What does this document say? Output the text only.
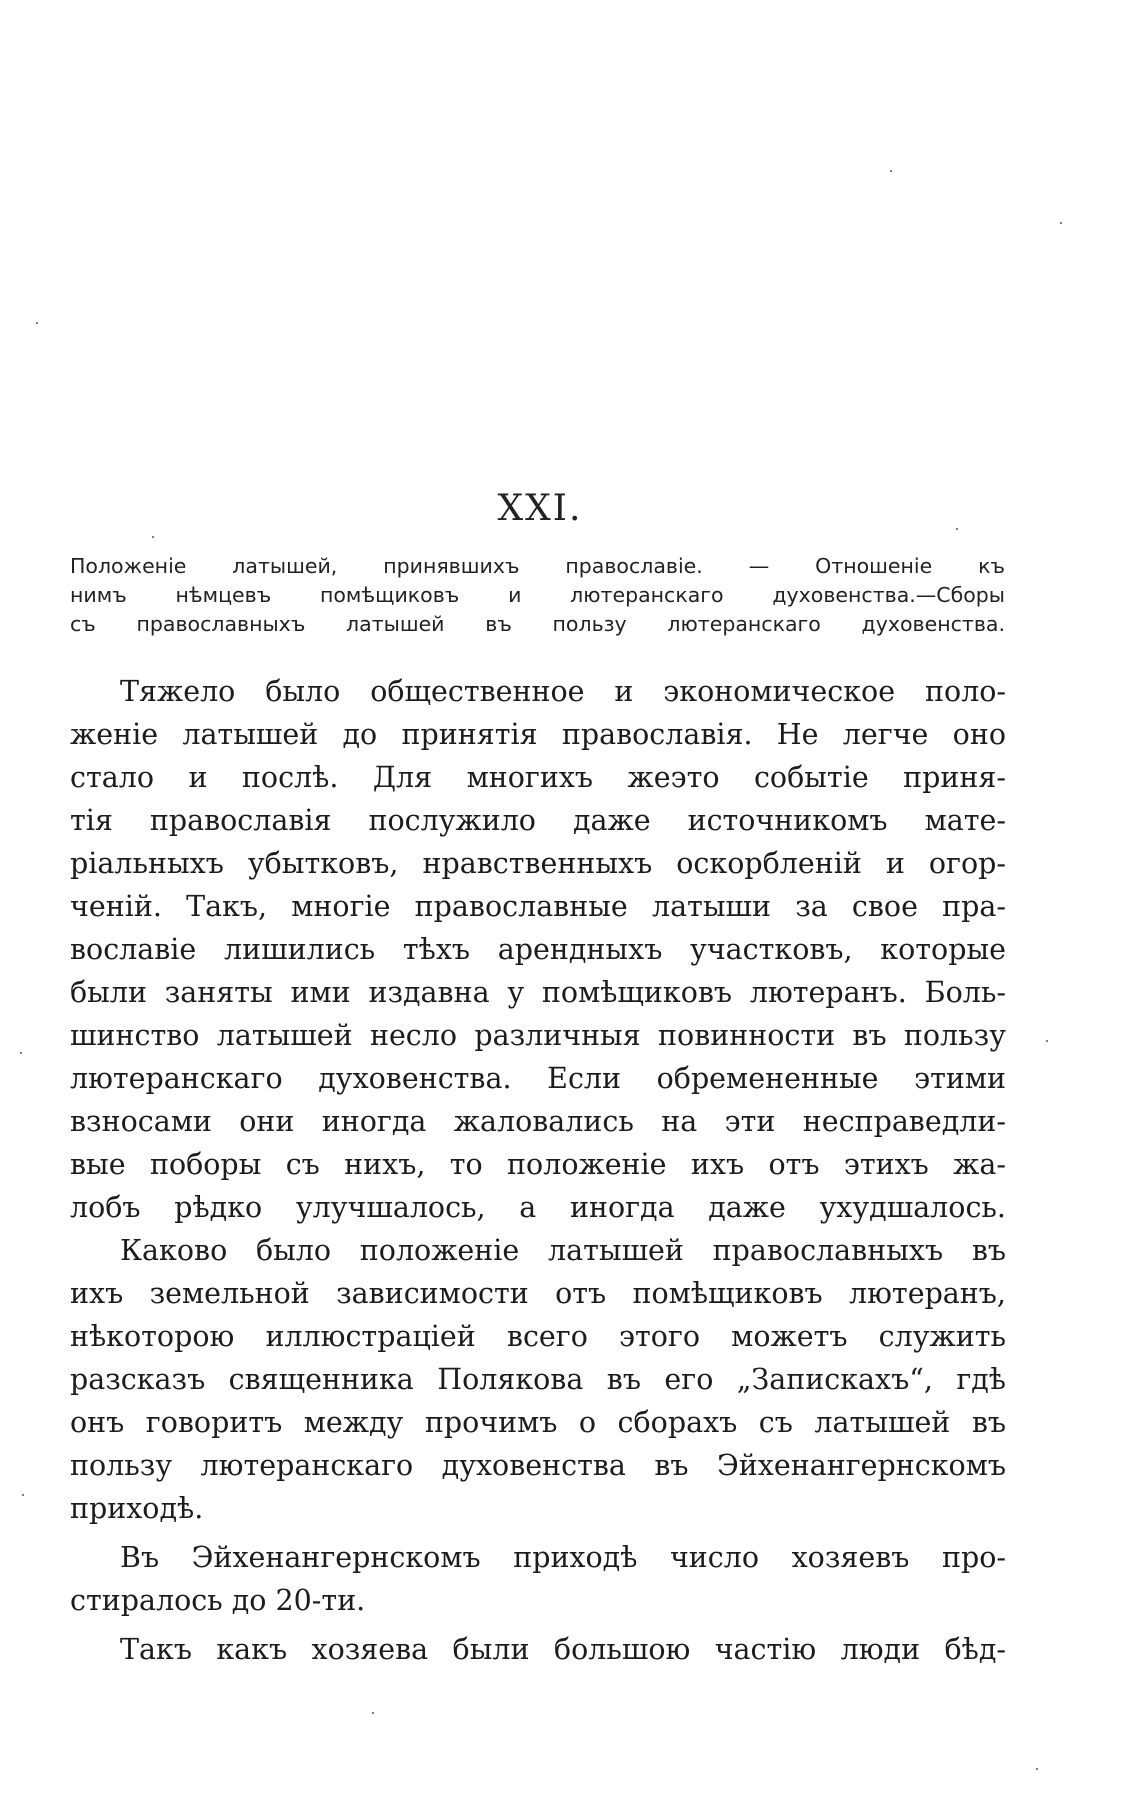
XXI.
Положеніе латышей, принявшихъ православіе. — Отношеніе къ
нимъ нѣмцевъ помѣщиковъ и лютеранскаго духовенства.—Сборы
съ православныхъ латышей въ пользу лютеранскаго духовенства.
Тяжело было общественное и экономическое поло-
женіе латышей до принятія православія. Не легче оно
стало и послѣ. Для многихъ жеэто событіе приня-
тія православія послужило даже источникомъ мате-
ріальныхъ убытковъ, нравственныхъ оскорбленій и огор-
ченій. Такъ, многіе православные латыши за свое пра-
вославіе лишились тѣхъ арендныхъ участковъ, которые
были заняты ими издавна у помѣщиковъ лютеранъ. Боль-
шинство латышей несло различныя повинности въ пользу
лютеранскаго духовенства. Если обремененные этими
взносами они иногда жаловались на эти несправедли-
вые поборы съ нихъ, то положеніе ихъ отъ этихъ жа-
лобъ рѣдко улучшалось, а иногда даже ухудшалось.
Каково было положеніе латышей православныхъ въ
ихъ земельной зависимости отъ помѣщиковъ лютеранъ,
нѣкоторою иллюстраціей всего этого можетъ служить
разсказъ священника Полякова въ его „Запискахъ“, гдѣ
онъ говоритъ между прочимъ о сборахъ съ латышей въ
пользу лютеранскаго духовенства въ Эйхенангернскомъ
приходѣ.
Въ Эйхенангернскомъ приходѣ число хозяевъ про-
стиралось до 20-ти.
Такъ какъ хозяева были большою частію люди бѣд-
